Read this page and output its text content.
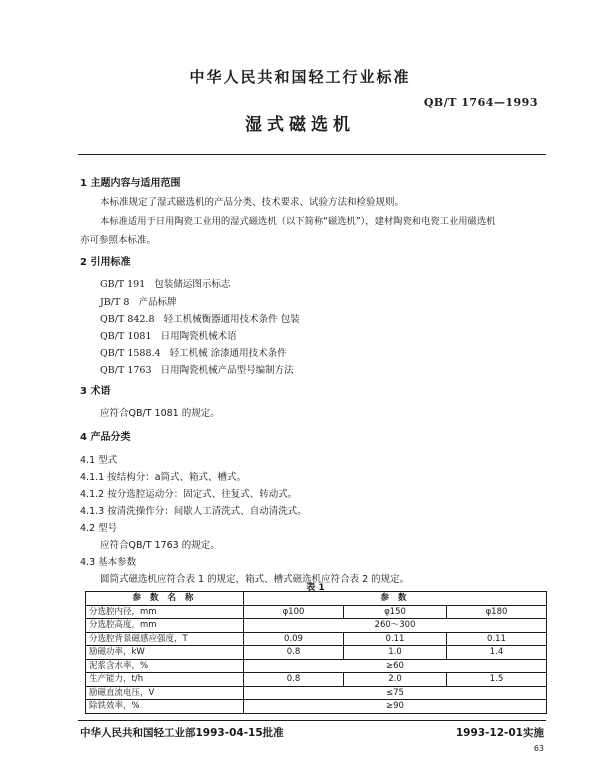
中华人民共和国轻工行业标准
QB/T 1764—1993
湿式磁选机
1 主题内容与适用范围
本标准规定了湿式磁选机的产品分类、技术要求、试验方法和检验规则。
本标准适用于日用陶瓷工业用的湿式磁选机（以下简称“磁选机”），建材陶瓷和电瓷工业用磁选机
亦可参照本标准。
2 引用标准
GB/T 191 包装储运图示标志
JB/T 8 产品标牌
QB/T 842.8 轻工机械衡器通用技术条件 包装
QB/T 1081 日用陶瓷机械术语
QB/T 1588.4 轻工机械 涂漆通用技术条件
QB/T 1763 日用陶瓷机械产品型号编制方法
3 术语
应符合QB/T 1081 的规定。
4 产品分类
4.1 型式
4.1.1 按结构分：a筒式、箱式、槽式。
4.1.2 按分选腔运动分：固定式、往复式、转动式。
4.1.3 按清洗操作分：间歇人工清洗式、自动清洗式。
4.2 型号
应符合QB/T 1763 的规定。
4.3 基本参数
圆筒式磁选机应符合表 1 的规定，箱式、槽式磁选机应符合表 2 的规定。
表 1
参 数 名 称	参 数		
分选腔内径，mm	φ100	φ150	φ180
分选腔高度，mm	260～300		
分选腔背景磁感应强度，T	0.09	0.11	0.11
励磁功率，kW	0.8	1.0	1.4
泥浆含水率，%	≥60		
生产能力，t/h	0.8	2.0	1.5
励磁直流电压，V	≤75		
除铁效率，%	≥90		
中华人民共和国轻工业部1993-04-15批准	1993-12-01实施
63
